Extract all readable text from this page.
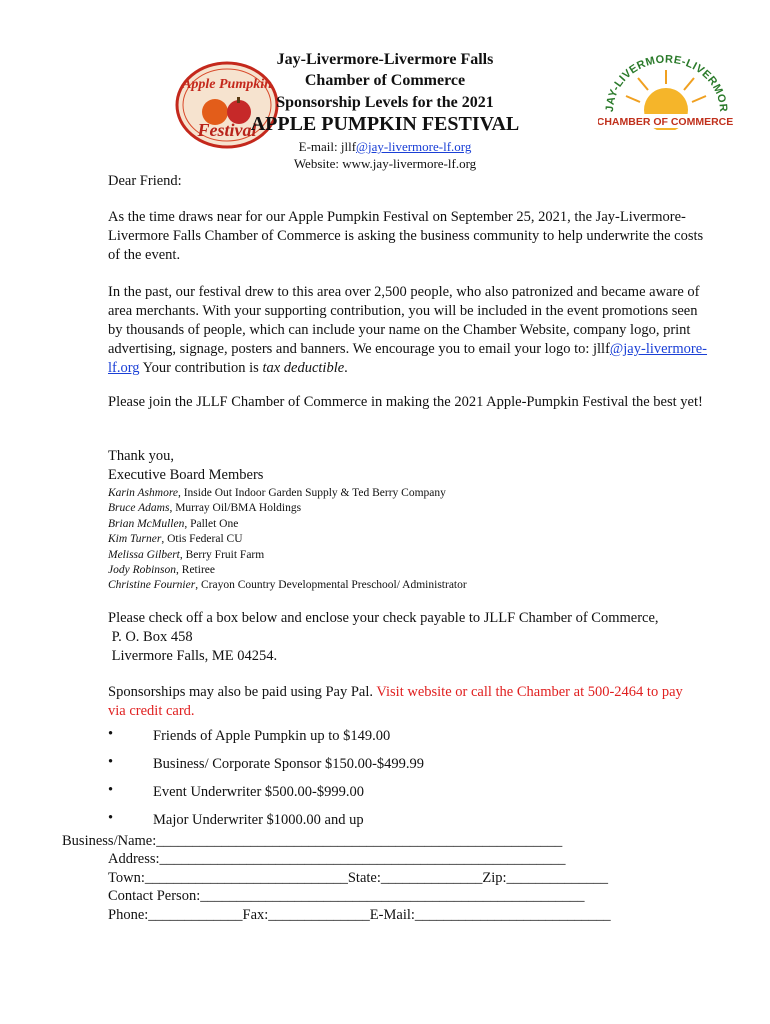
Apple Pumpkin
Festival
JAY-LIVERMORE-LIVERMOR
CHAMBER OF COMMERCE
Jay-Livermore-Livermore Falls
Chamber of Commerce
Sponsorship Levels for the 2021
APPLE PUMPKIN FESTIVAL
E-mail: jllf@jay-livermore-lf.org
Website: www.jay-livermore-lf.org
Dear Friend:
As the time draws near for our Apple Pumpkin Festival on September 25, 2021, the Jay-Livermore-Livermore Falls Chamber of Commerce is asking the business community to help underwrite the costs of the event.
In the past, our festival drew to this area over 2,500 people, who also patronized and became aware of area merchants. With your supporting contribution, you will be included in the event promotions seen by thousands of people, which can include your name on the Chamber Website, company logo, print advertising, signage, posters and banners. We encourage you to email your logo to: jllf@jay-livermore-lf.org Your contribution is tax deductible.
Please join the JLLF Chamber of Commerce in making the 2021 Apple-Pumpkin Festival the best yet!
Thank you,
Executive Board Members
Karin Ashmore, Inside Out Indoor Garden Supply & Ted Berry Company
Bruce Adams, Murray Oil/BMA Holdings
Brian McMullen, Pallet One
Kim Turner, Otis Federal CU
Melissa Gilbert, Berry Fruit Farm
Jody Robinson, Retiree
Christine Fournier, Crayon Country Developmental Preschool/ Administrator
Please check off a box below and enclose your check payable to JLLF Chamber of Commerce,
P. O. Box 458
Livermore Falls, ME 04254.
Sponsorships may also be paid using Pay Pal. Visit website or call the Chamber at 500-2464 to pay via credit card.
•	Friends of Apple Pumpkin up to $149.00
•	Business/ Corporate Sponsor $150.00-$499.99
•	Event Underwriter $500.00-$999.00
•	Major Underwriter $1000.00 and up
Business/Name:________________________________________________________
Address:________________________________________________________
Town:____________________________State:______________Zip:______________
Contact Person:_____________________________________________________
Phone:_____________Fax:______________E-Mail:___________________________
